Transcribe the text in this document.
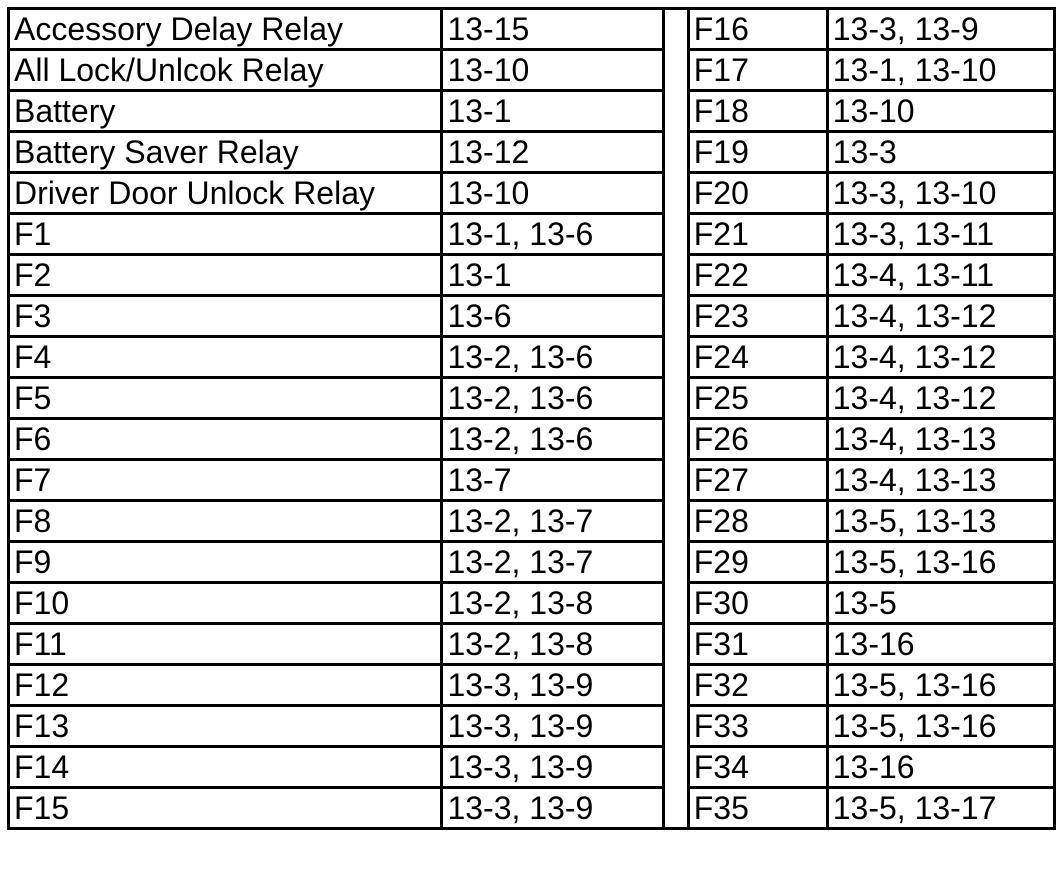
Accessory Delay Relay	13-15
All Lock/Unlcok Relay	13-10
Battery	13-1
Battery Saver Relay	13-12
Driver Door Unlock Relay	13-10
F1	13-1, 13-6
F2	13-1
F3	13-6
F4	13-2, 13-6
F5	13-2, 13-6
F6	13-2, 13-6
F7	13-7
F8	13-2, 13-7
F9	13-2, 13-7
F10	13-2, 13-8
F11	13-2, 13-8
F12	13-3, 13-9
F13	13-3, 13-9
F14	13-3, 13-9
F15	13-3, 13-9
F16	13-3, 13-9
F17	13-1, 13-10
F18	13-10
F19	13-3
F20	13-3, 13-10
F21	13-3, 13-11
F22	13-4, 13-11
F23	13-4, 13-12
F24	13-4, 13-12
F25	13-4, 13-12
F26	13-4, 13-13
F27	13-4, 13-13
F28	13-5, 13-13
F29	13-5, 13-16
F30	13-5
F31	13-16
F32	13-5, 13-16
F33	13-5, 13-16
F34	13-16
F35	13-5, 13-17
